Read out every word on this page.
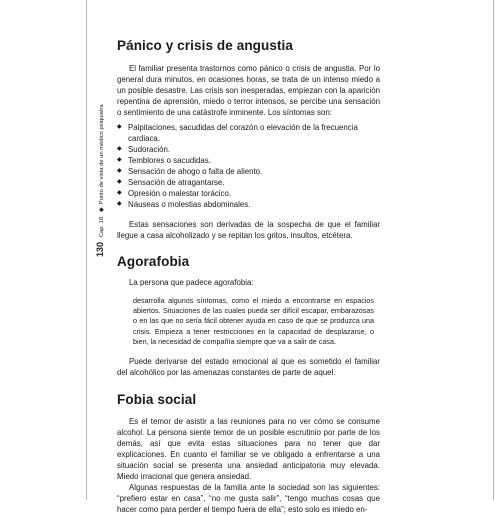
130   Cap. 18.  ◆  Punto de vista de un médico psiquiatra
Pánico y crisis de angustia

El familiar presenta trastornos como pánico o crisis de angustia. Por lo general dura minutos, en ocasiones horas, se trata de un intenso miedo a un posible desastre. Las crisis son inesperadas, empiezan con la aparición repentina de aprensión, miedo o terror intensos, se percibe una sensación o sentimiento de una catástrofe inminente. Los síntomas son:

◆ Palpitaciones, sacudidas del corazón o elevación de la frecuencia cardiaca.
◆ Sudoración.
◆ Temblores o sacudidas.
◆ Sensación de ahogo o falta de aliento.
◆ Sensación de atragantarse.
◆ Opresión o malestar torácico.
◆ Náuseas o molestias abdominales.

Estas sensaciones son derivadas de la sospecha de que el familiar llegue a casa alcoholizado y se repitan los gritos, insultos, etcétera.

Agorafobia

La persona que padece agorafobia:

desarrolla algunos síntomas, como el miedo a encontrarse en espacios abiertos. Situaciones de las cuales pueda ser difícil escapar, embarazosas o en las que no sería fácil obtener ayuda en caso de que se produzca una crisis. Empieza a tener restricciones en la capacidad de desplazarse, o bien, la necesidad de compañía siempre que va a salir de casa.

Puede derivarse del estado emocional al que es sometido el familiar del alcohólico por las amenazas constantes de parte de aquel.

Fobia social

Es el temor de asistir a las reuniones para no ver cómo se consume alcohol. La persona siente temor de un posible escrutinio por parte de los demás, así que evita estas situaciones para no tener que dar explicaciones. En cuanto el familiar se ve obligado a enfrentarse a una situación social se presenta una ansiedad anticipatoria muy elevada. Miedo irracional que genera ansiedad.

Algunas respuestas de la familia ante la sociedad son las siguientes: “prefiero estar en casa”, “no me gusta salir”, “tengo muchas cosas que hacer como para perder el tiempo fuera de ella”; esto solo es miedo en-
